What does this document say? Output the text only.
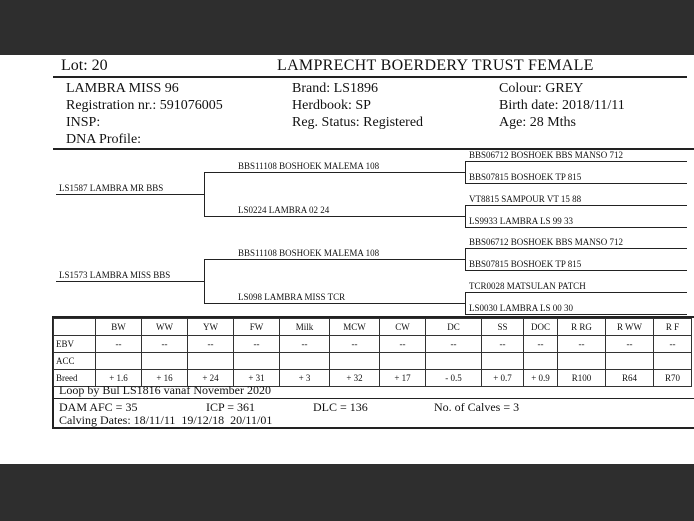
Lot: 20	LAMPRECHT BOERDERY TRUST FEMALE
LAMBRA MISS 96
Registration nr.: 591076005
INSP:
DNA Profile:
Brand: LS1896
Herdbook: SP
Reg. Status: Registered
Colour: GREY
Birth date: 2018/11/11
Age: 28 Mths
LS1587 LAMBRA MR BBS
LS1573 LAMBRA MISS BBS
BBS11108 BOSHOEK MALEMA 108
LS0224 LAMBRA 02 24
BBS11108 BOSHOEK MALEMA 108
LS098 LAMBRA MISS TCR
BBS06712 BOSHOEK BBS MANSO 712
BBS07815 BOSHOEK TP 815
VT8815 SAMPOUR VT 15 88
LS9933 LAMBRA LS 99 33
BBS06712 BOSHOEK BBS MANSO 712
BBS07815 BOSHOEK TP 815
TCR0028 MATSULAN PATCH
LS0030 LAMBRA LS 00 30
	BW	WW	YW	FW	Milk	MCW	CW	DC	SS	DOC	R RG	R WW	R F
EBV	--	--	--	--	--	--	--	--	--	--	--	--	--
ACC													
Breed	+ 1.6	+ 16	+ 24	+ 31	+ 3	+ 32	+ 17	- 0.5	+ 0.7	+ 0.9	R100	R64	R70
Loop by Bul LS1816 vanaf November 2020
DAM AFC = 35	ICP = 361	DLC = 136	No. of Calves = 3
Calving Dates: 18/11/11  19/12/18  20/11/01
